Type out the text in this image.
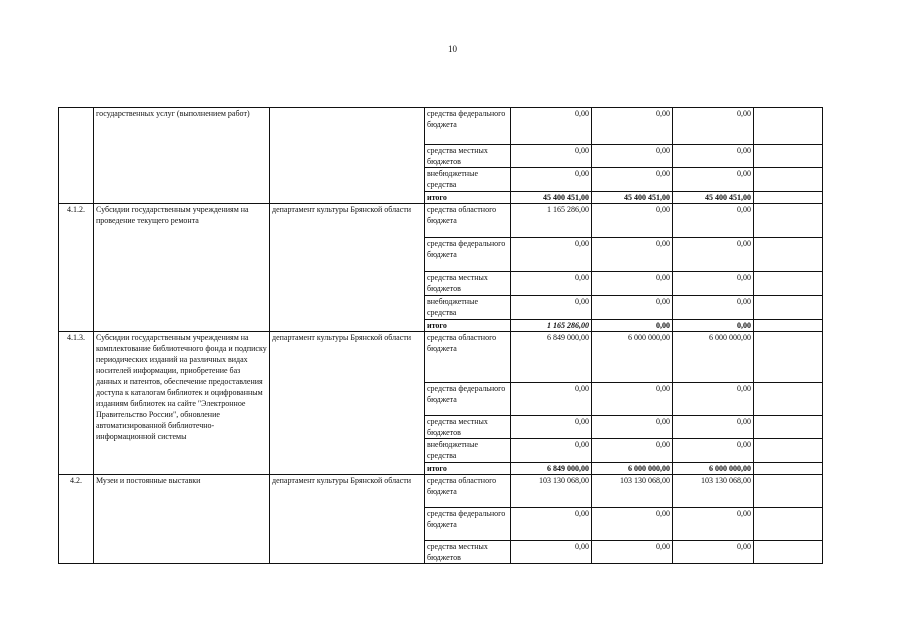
10
	государственных услуг (выполнением работ)		средства федерального бюджета	0,00	0,00	0,00	
			средства местных бюджетов	0,00	0,00	0,00	
			внебюджетные средства	0,00	0,00	0,00	
			итого	45 400 451,00	45 400 451,00	45 400 451,00	
4.1.2.	Субсидии государственным учреждениям на проведение текущего ремонта	департамент культуры Брянской области	средства областного бюджета	1 165 286,00	0,00	0,00	
			средства федерального бюджета	0,00	0,00	0,00	
			средства местных бюджетов	0,00	0,00	0,00	
			внебюджетные средства	0,00	0,00	0,00	
			итого	1 165 286,00	0,00	0,00	
4.1.3.	Субсидии государственным учреждениям на комплектование библиотечного фонда и подписку периодических изданий на различных видах носителей информации, приобретение баз данных и патентов, обеспечение предоставления доступа к каталогам библиотек и оцифрованным изданиям библиотек на сайте "Электронное Правительство России", обновление автоматизированной библиотечно-информационной системы	департамент культуры Брянской области	средства областного бюджета	6 849 000,00	6 000 000,00	6 000 000,00	
			средства федерального бюджета	0,00	0,00	0,00	
			средства местных бюджетов	0,00	0,00	0,00	
			внебюджетные средства	0,00	0,00	0,00	
			итого	6 849 000,00	6 000 000,00	6 000 000,00	
4.2.	Музеи и постоянные выставки	департамент культуры Брянской области	средства областного бюджета	103 130 068,00	103 130 068,00	103 130 068,00	
			средства федерального бюджета	0,00	0,00	0,00	
			средства местных бюджетов	0,00	0,00	0,00	
